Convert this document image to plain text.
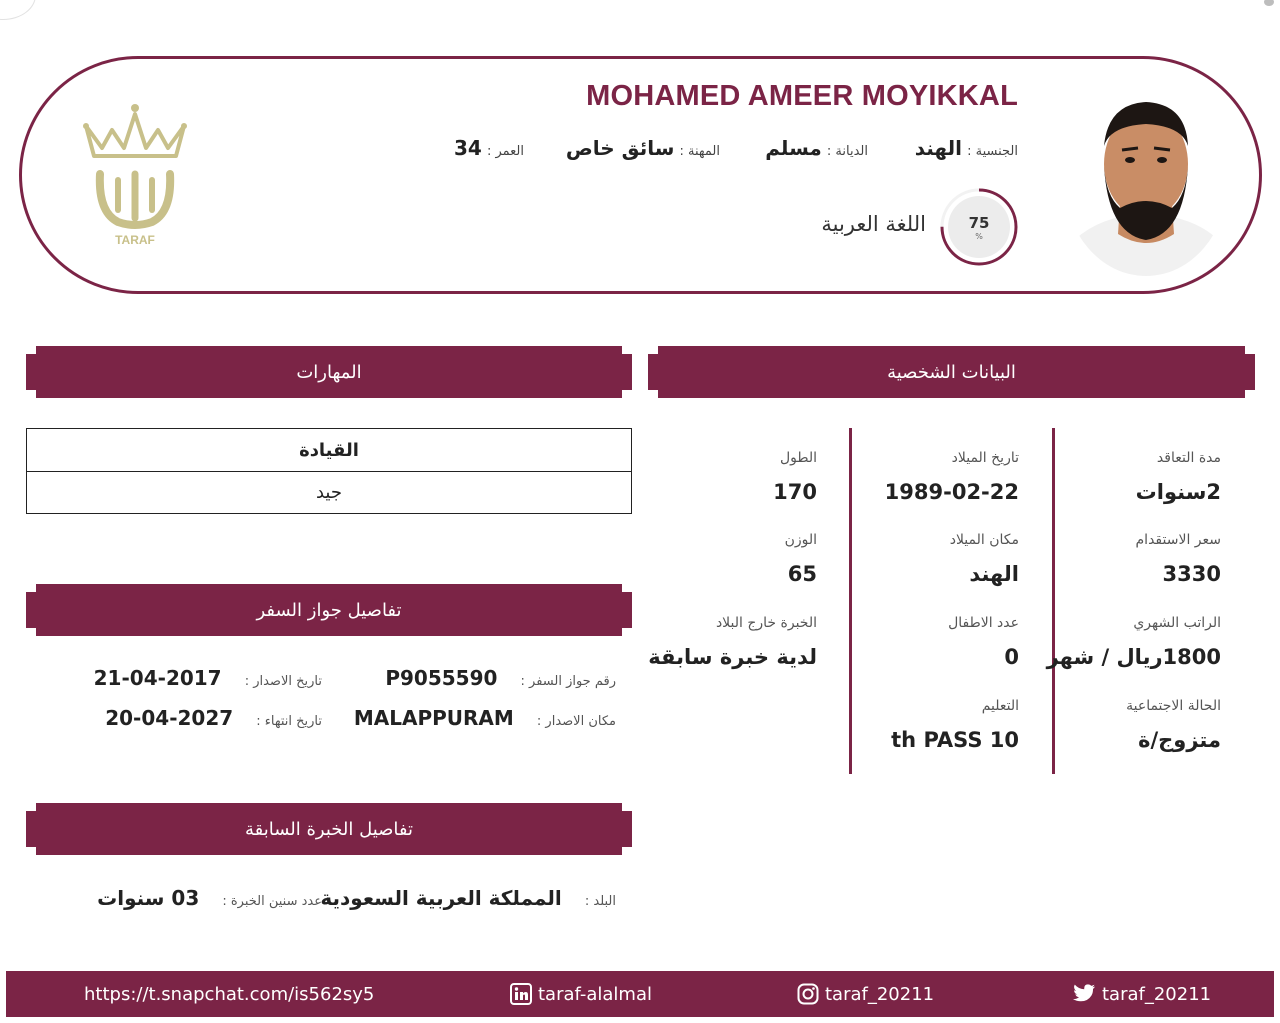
TARAF
MOHAMED AMEER MOYIKKAL
الجنسية : الهند
الديانة : مسلم
المهنة : سائق خاص
العمر : 34
75
%
اللغة العربية
البيانات الشخصية
المهارات
تفاصيل جواز السفر
تفاصيل الخبرة السابقة
مدة التعاقد
2سنوات
سعر الاستقدام
3330
الراتب الشهري
1800ريال / شهر
الحالة الاجتماعية
متزوج/ة
تاريخ الميلاد
1989-02-22
مكان الميلاد
الهند
عدد الاطفال
0
التعليم
th PASS 10
الطول
170
الوزن
65
الخبرة خارج البلاد
لدية خبرة سابقة
القيادة
جيد
رقم جواز السفر : P9055590
تاريخ الاصدار : 2017-04-21
مكان الاصدار : MALAPPURAM
تاريخ انتهاء : 2027-04-20
البلد : المملكة العربية السعودية
عدد سنين الخبرة : 03 سنوات
https://t.snapchat.com/is562sy5	taraf-alalmal	taraf_20211	taraf_20211
